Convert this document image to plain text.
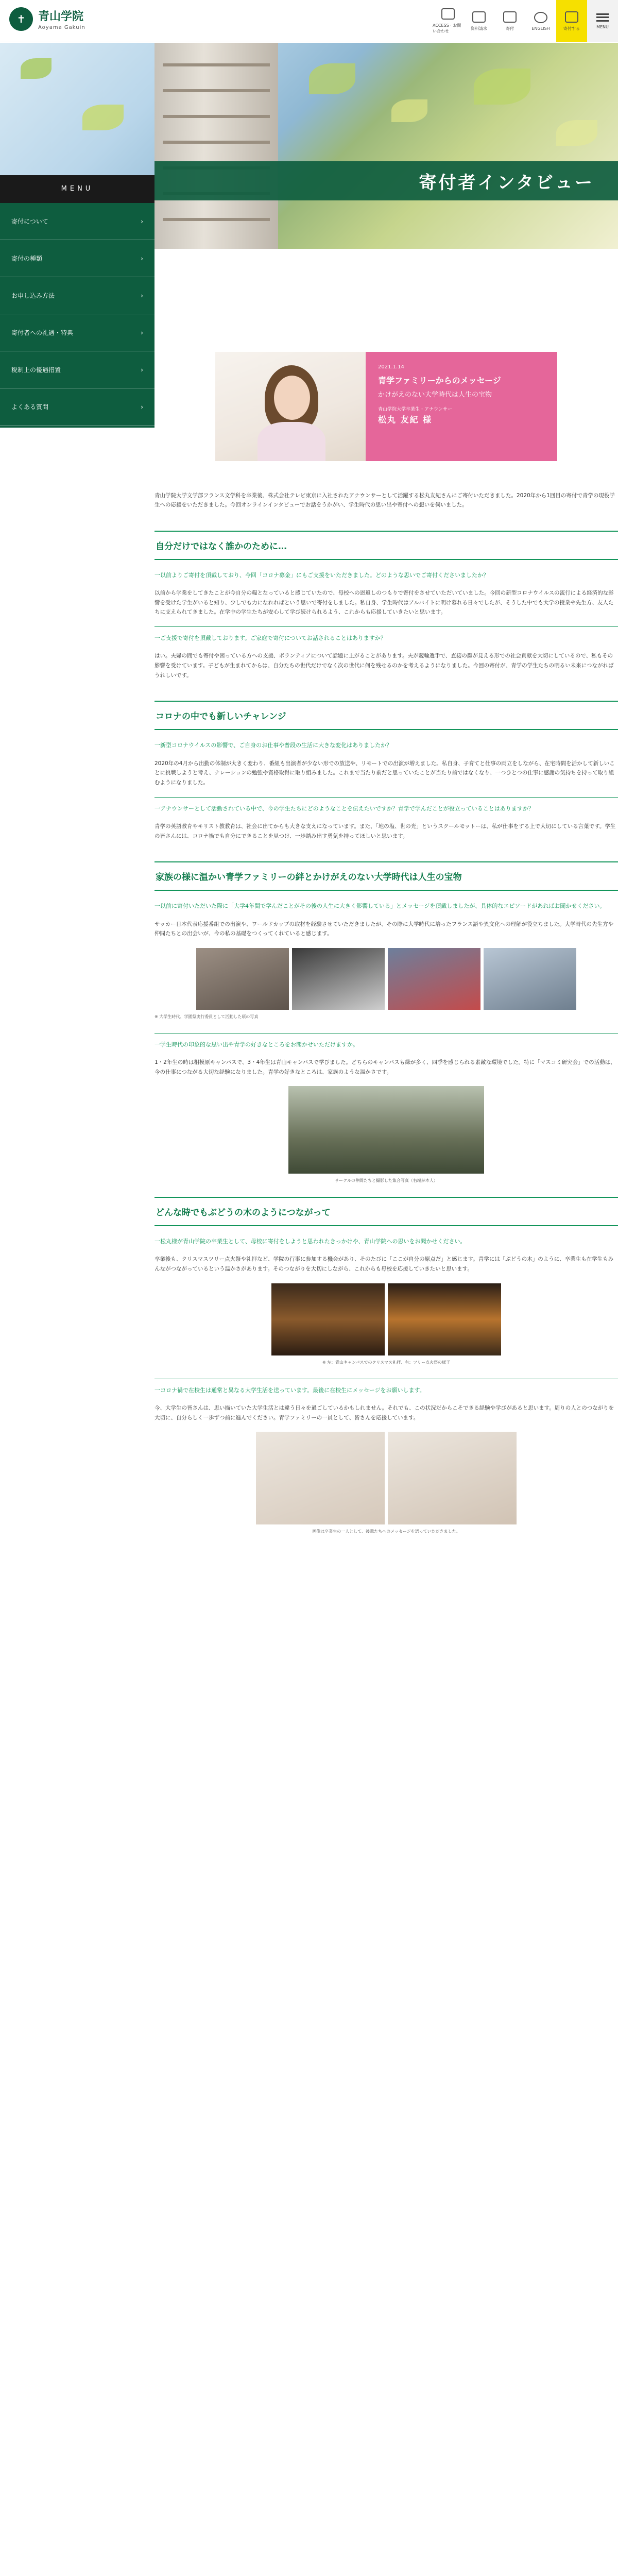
✝	青山学院
Aoyama Gakuin	ACCESS · お問い合わせ
資料請求	寄付	ENGLISH	寄付する	MENU
寄付者インタビュー
MENU
寄付について	›
寄付の種類	›
お申し込み方法	›
寄付者への礼遇・特典	›
税制上の優遇措置	›
よくある質問	›
2021.1.14
青学ファミリーからのメッセージ
かけがえのない大学時代は人生の宝物
青山学院大学卒業生・アナウンサー
松丸 友紀 様

青山学院大学文学部フランス文学科を卒業後、株式会社テレビ東京に入社されたアナウンサーとして活躍する松丸友紀さんにご寄付いただきました。2020年から1回目の寄付で青学の現役学生への応援をいただきました。今回オンラインインタビューでお話をうかがい、学生時代の思い出や寄付への想いを伺いました。

自分だけではなく誰かのために…

一以前よりご寄付を頂戴しており、今回「コロナ募金」にもご支援をいただきました。どのような思いでご寄付くださいましたか？

以前から学業をしてきたことが今自分の糧となっていると感じていたので、母校への恩返しのつもりで寄付をさせていただいていました。今回の新型コロナウイルスの流行による経済的な影響を受けた学生がいると知り、少しでも力になれればという思いで寄付をしました。私自身、学生時代はアルバイトに明け暮れる日々でしたが、そうした中でも大学の授業や先生方、友人たちに支えられてきました。在学中の学生たちが安心して学び続けられるよう、これからも応援していきたいと思います。

一ご支援で寄付を頂戴しております。ご家庭で寄付についてお話されることはありますか？

はい。夫婦の間でも寄付や困っている方への支援、ボランティアについて話題に上がることがあります。夫が競輪選手で、直接の顔が見える形での社会貢献を大切にしているので、私もその影響を受けています。子どもが生まれてからは、自分たちの世代だけでなく次の世代に何を残せるのかを考えるようになりました。今回の寄付が、青学の学生たちの明るい未来につながればうれしいです。

コロナの中でも新しいチャレンジ

一新型コロナウイルスの影響で、ご自身のお仕事や普段の生活に大きな変化はありましたか？

2020年の4月から出勤の体制が大きく変わり、番組も出演者が少ない形での放送や、リモートでの出演が増えました。私自身、子育てと仕事の両立をしながら、在宅時間を活かして新しいことに挑戦しようと考え、ナレーションの勉強や資格取得に取り組みました。これまで当たり前だと思っていたことが当たり前ではなくなり、一つひとつの仕事に感謝の気持ちを持って取り組むようになりました。

一アナウンサーとして活動されている中で、今の学生たちにどのようなことを伝えたいですか？青学で学んだことが役立っていることはありますか？

青学の英語教育やキリスト教教育は、社会に出てからも大きな支えになっています。また、「地の塩、世の光」というスクールモットーは、私が仕事をする上で大切にしている言葉です。学生の皆さんには、コロナ禍でも自分にできることを見つけ、一歩踏み出す勇気を持ってほしいと思います。

家族の様に温かい青学ファミリーの絆とかけがえのない大学時代は人生の宝物

一以前に寄付いただいた際に「大学4年間で学んだことがその後の人生に大きく影響している」とメッセージを頂戴しましたが、具体的なエピソードがあればお聞かせください。

サッカー日本代表応援番組での出演や、ワールドカップの取材を経験させていただきましたが、その際に大学時代に培ったフランス語や異文化への理解が役立ちました。大学時代の先生方や仲間たちとの出会いが、今の私の基礎をつくってくれていると感じます。

※ 大学生時代、学園祭実行委員として活動した頃の写真

一学生時代の印象的な思い出や青学の好きなところをお聞かせいただけますか。

1・2年生の時は相模原キャンパスで、3・4年生は青山キャンパスで学びました。どちらのキャンパスも緑が多く、四季を感じられる素敵な環境でした。特に「マスコミ研究会」での活動は、今の仕事につながる大切な経験になりました。青学の好きなところは、家族のような温かさです。

サークルの仲間たちと撮影した集合写真（右端が本人）

どんな時でもぶどうの木のようにつながって

一松丸様が青山学院の卒業生として、母校に寄付をしようと思われたきっかけや、青山学院への思いをお聞かせください。

卒業後も、クリスマスツリー点火祭や礼拝など、学院の行事に参加する機会があり、そのたびに「ここが自分の原点だ」と感じます。青学には「ぶどうの木」のように、卒業生も在学生もみんながつながっているという温かさがあります。そのつながりを大切にしながら、これからも母校を応援していきたいと思います。

※ 左：青山キャンパスでのクリスマス礼拝、右：ツリー点火祭の様子

一コロナ禍で在校生は通常と異なる大学生活を送っています。最後に在校生にメッセージをお願いします。

今、大学生の皆さんは、思い描いていた大学生活とは違う日々を過ごしているかもしれません。それでも、この状況だからこそできる経験や学びがあると思います。周りの人とのつながりを大切に、自分らしく一歩ずつ前に進んでください。青学ファミリーの一員として、皆さんを応援しています。

画像は卒業生の一人として、後輩たちへのメッセージを語っていただきました。
